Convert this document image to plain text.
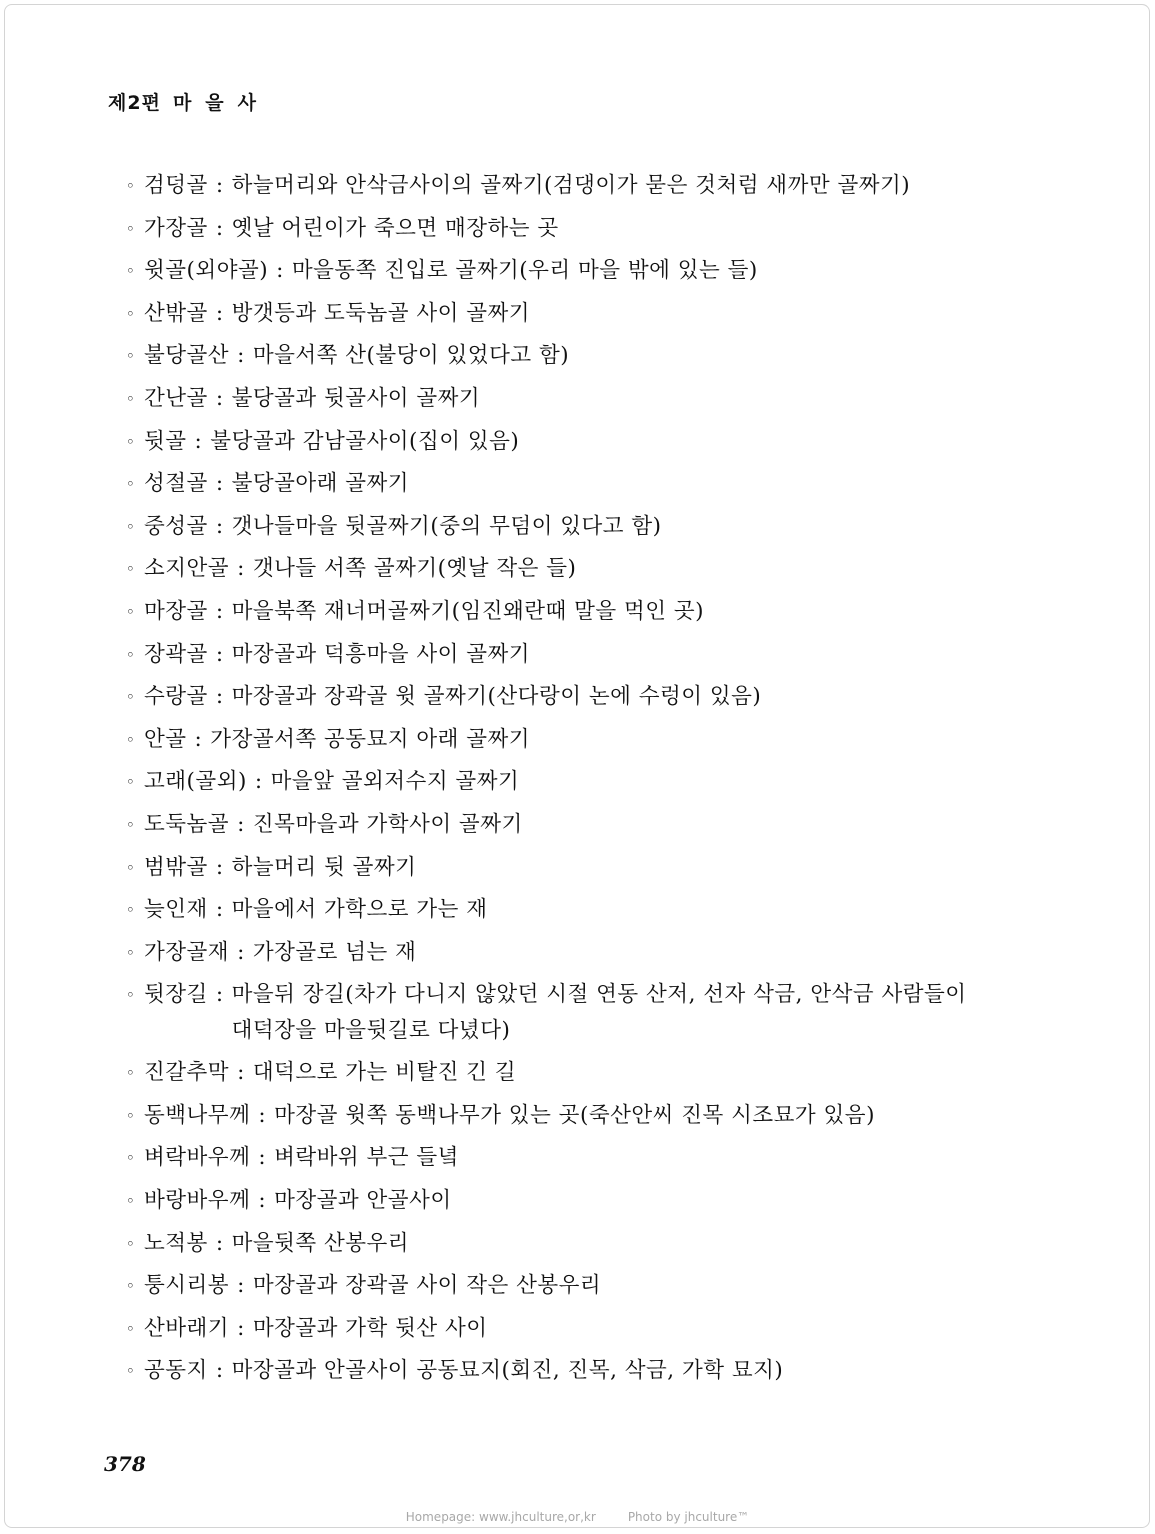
제2편 마을사
◦ 검덩골 : 하늘머리와 안삭금사이의 골짜기(검댕이가 묻은 것처럼 새까만 골짜기)
◦ 가장골 : 옛날 어린이가 죽으면 매장하는 곳
◦ 윗골(외야골) : 마을동쪽 진입로 골짜기(우리 마을 밖에 있는 들)
◦ 산밖골 : 방갯등과 도둑놈골 사이 골짜기
◦ 불당골산 : 마을서쪽 산(불당이 있었다고 함)
◦ 간난골 : 불당골과 뒷골사이 골짜기
◦ 뒷골 : 불당골과 감남골사이(집이 있음)
◦ 성절골 : 불당골아래 골짜기
◦ 중성골 : 갯나들마을 뒷골짜기(중의 무덤이 있다고 함)
◦ 소지안골 : 갯나들 서쪽 골짜기(옛날 작은 들)
◦ 마장골 : 마을북쪽 재너머골짜기(임진왜란때 말을 먹인 곳)
◦ 장곽골 : 마장골과 덕흥마을 사이 골짜기
◦ 수랑골 : 마장골과 장곽골 윗 골짜기(산다랑이 논에 수렁이 있음)
◦ 안골 : 가장골서쪽 공동묘지 아래 골짜기
◦ 고래(골외) : 마을앞 골외저수지 골짜기
◦ 도둑놈골 : 진목마을과 가학사이 골짜기
◦ 범밖골 : 하늘머리 뒷 골짜기
◦ 늦인재 : 마을에서 가학으로 가는 재
◦ 가장골재 : 가장골로 넘는 재
◦ 뒷장길 : 마을뒤 장길(차가 다니지 않았던 시절 연동 산저, 선자 삭금, 안삭금 사람들이 대덕장을 마을뒷길로 다녔다)
◦ 진갈추막 : 대덕으로 가는 비탈진 긴 길
◦ 동백나무께 : 마장골 윗쪽 동백나무가 있는 곳(죽산안씨 진목 시조묘가 있음)
◦ 벼락바우께 : 벼락바위 부근 들녘
◦ 바랑바우께 : 마장골과 안골사이
◦ 노적봉 : 마을뒷쪽 산봉우리
◦ 퉁시리봉 : 마장골과 장곽골 사이 작은 산봉우리
◦ 산바래기 : 마장골과 가학 뒷산 사이
◦ 공동지 : 마장골과 안골사이 공동묘지(회진, 진목, 삭금, 가학 묘지)
378
Homepage: www.jhculture,or,kr	Photo by jhculture™
